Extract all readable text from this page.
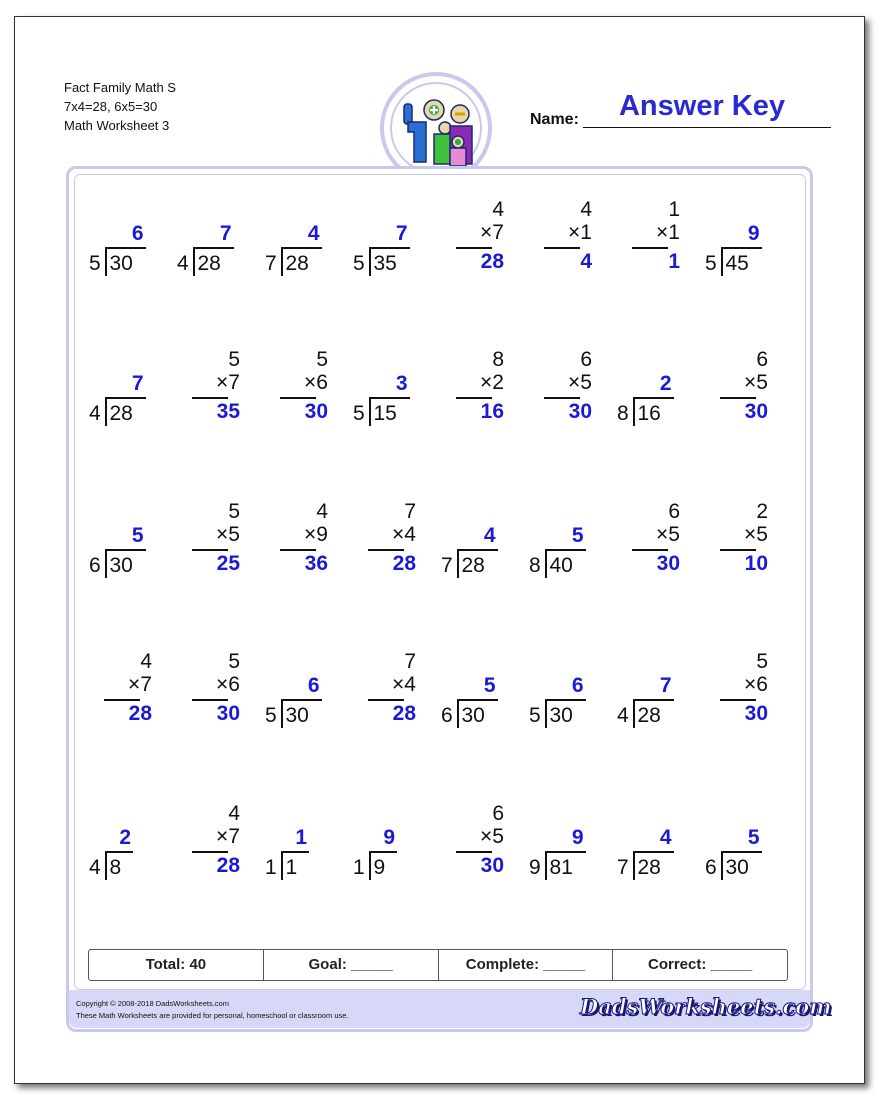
Fact Family Math S
7x4=28, 6x5=30
Math Worksheet 3	Name:	Answer Key
6
5 30
7
4 28
4
7 28
7
5 35
4
×7
28
4
×1
4
1
×1
1
9
5 45
7
4 28
5
×7
35
5
×6
30
3
5 15
8
×2
16
6
×5
30
2
8 16
6
×5
30
5
6 30
5
×5
25
4
×9
36
7
×4
28
4
7 28
5
8 40
6
×5
30
2
×5
10
4
×7
28
5
×6
30
6
5 30
7
×4
28
5
6 30
6
5 30
7
4 28
5
×6
30
2
4 8
4
×7
28
1
1 1
9
1 9
6
×5
30
9
9 81
4
7 28
5
6 30
Total: 40	Goal: _____	Complete: _____	Correct: _____
Copyright © 2008-2018 DadsWorksheets.com
These Math Worksheets are provided for personal, homeschool or classroom use.	DadsWorksheets.com
